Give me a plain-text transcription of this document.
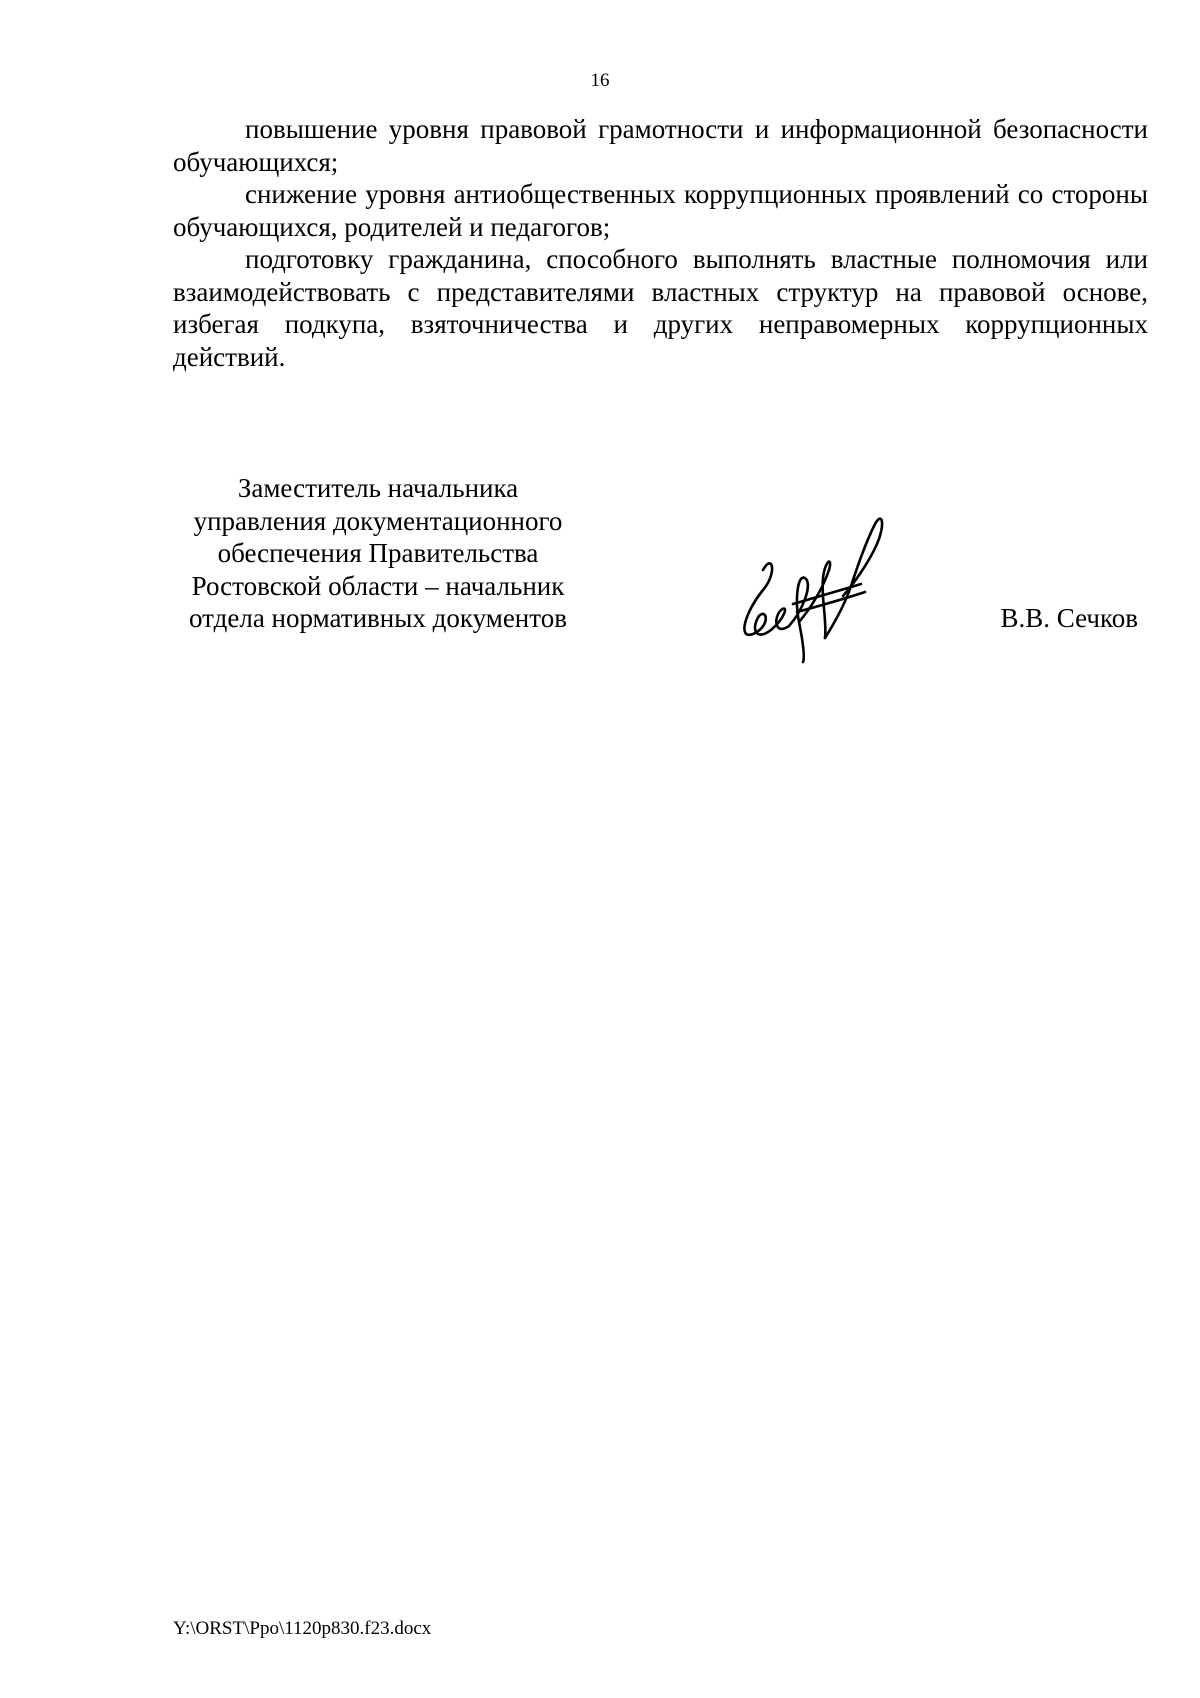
16

повышение уровня правовой грамотности и информационной безопасности обучающихся;

снижение уровня антиобщественных коррупционных проявлений со стороны обучающихся, родителей и педагогов;

подготовку гражданина, способного выполнять властные полномочия или взаимодействовать с представителями властных структур на правовой основе, избегая подкупа, взяточничества и других неправомерных коррупционных действий.

Заместитель начальника
управления документационного
обеспечения Правительства
Ростовской области – начальник
отдела нормативных документов	В.В. Сечков
Y:\ORST\Ppo\1120p830.f23.docx
